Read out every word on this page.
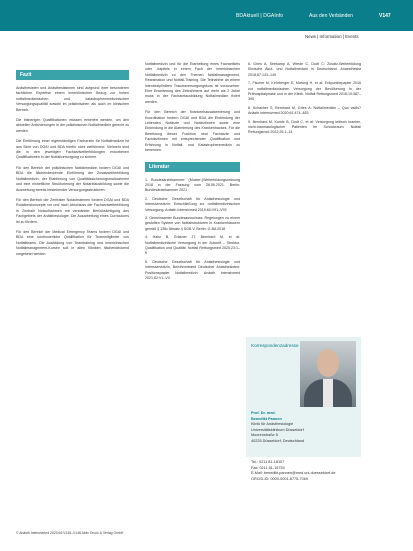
BDAktuell | DGAInfo	Aus den Verbänden	V147
News | Information | Events
Fazit

Anästhesisten und Anästhesistinnen sind aufgrund ihrer besonderen fachlichen Expertise einem innerklinischen Bezug zur hohen notfallmedizinischen und katastrophenmedizinischen Versorgungsqualität sowohl im präklinischen als auch im klinischen Bereich.

Die bisherigen Qualifikationen müssen erweitert werden, um den aktuellen Anforderungen in der präklinischen Notfallmedizin gerecht zu werden.

Die Einführung einer eigenständigen Facharztin für Notfallmedizin ist aus Sicht von DGAI und BDA hierfür nicht zielführend. Vielmehr sind die in den jeweiligen Facharztweiterbildungen erworbenen Qualifikationen in der Notfallversorgung zu sichern.

Für den Bereich der präklinischen Notfallmedizin fordern DGAI und BDA die flächendeckende Einführung der Zusatzweiterbildung Notfallmedizin, der Etablierung von Qualitätssicherungsmaßnahmen und eine einheitliche Strukturierung der Notarztausbildung sowie die Ausweitung bereits bestehender Versorgungsstrukturen.

Für den Bereich der Zentralen Notaufnahmen fordern DGAI und BDA Rotationskonzepte vor und nach Abschluss der Facharztweiterbildung in Zentrale Notaufnahmen mit verstärkter Berücksichtigung des Fachgebiets der Anästhesiologie. Die Ausarbeitung eines Curriculums ist zu fördern.

Für den Bereich der Medical Emergency Teams fordern DGAI und BDA eine kontinuierliche Qualifikation für Teammitglieder von Notfallteams. Die Ausbildung von Teamtraining und innerklinischen Notfallmanagement-Kursen soll in allen Kliniken flächendeckend umgesetzt werden.

Notfallmedizin und für die Erarbeitung eines Fachartikels oder -kapitels in einem Fach der innerklinischen Notfallmedizin zu den Themen Notfallmanagement, Reanimation und Notfall-Training. Die Teilnahme an einem interdisziplinären Traumaversorgungskurs ist vorzusehen. Eine Erweiterung des Zeitrahmens auf mehr als 2 Jahre muss in der Facharztausbildung Notfallmedizin fixiert werden.

Für den Bereich der Krankenhausalarmierung und Koordination fordern DGAI und BDA die Einbindung der Leitenden Notärzte und Notärztinnen sowie eine Einbindung in die Alarmierung des Krankenhauses. Für die Besetzung dieser Funktion sind Fachärzte und Fachärztinnen mit entsprechender Qualifikation und Erfahrung in Notfall- und Katastrophenmedizin zu benennen.

Literatur

1. Bundesärztekammer: (Muster-)Weiterbildungsordnung 2018 in der Fassung vom 26.06.2021. Berlin: Bundesärztekammer 2021

2. Deutsche Gesellschaft für Anästhesiologie und Intensivmedizin: Entschließung zur notfallmedizinischen Versorgung. Anästh Intensivmed 2019;60:V91–V93

3. Gemeinsamer Bundesausschuss: Regelungen zu einem gestuften System von Notfallstrukturen in Krankenhäusern gemäß § 136c Absatz 4 SGB V. Berlin: G-BA 2018

4. Hahn B, Gräsner JT, Bernhard M, et al: Notfallmedizinische Versorgung in der Zukunft – Struktur, Qualifikation und Qualität. Notfall Rettungsmed 2020;23:1–9

5. Deutsche Gesellschaft für Anästhesiologie und Intensivmedizin, Berufsverband Deutscher Anästhesisten: Positionspapier Notfallmedizin. Anästh Intensivmed 2021;62:V1–V4

6. Gries A, Seekamp A, Wrede C, Dodt C: Zusatz-Weiterbildung Klinische Akut- und Notfallmedizin in Deutschland. Anaesthesist 2018;67:143–149

7. Fischer M, Kehrberger E, Marung H, et al: Eckpunktepapier 2016 zur notfallmedizinischen Versorgung der Bevölkerung in der Prähospitalphase und in der Klinik. Notfall Rettungsmed 2016;19:387–395

8. Schacher S, Bernhard M, Gries A: Notfallmedizin – Quo vadis? Anästh Intensivmed 2020;61:474–483

9. Bernhard M, Kumle B, Dodt C, et al: Versorgung kritisch kranker, nicht-traumatologischer Patienten im Schockraum. Notfall Rettungsmed 2022;25:1–14

Korrespondenzadresse
Prof. Dr. med.
Benedikt Pannen
Klinik für Anästhesiologie
Universitätsklinikum Düsseldorf
Moorenstraße 5
40225 Düsseldorf, Deutschland
Tel.: 0211 81-18107
Fax: 0211 81-16753
E-Mail: benedikt.pannen@med.uni-duesseldorf.de
ORCID-ID: 0000-0001-6775-7069
© Anästh Intensivmed 2023;64:V145–V148 Aktiv Druck & Verlag GmbH
